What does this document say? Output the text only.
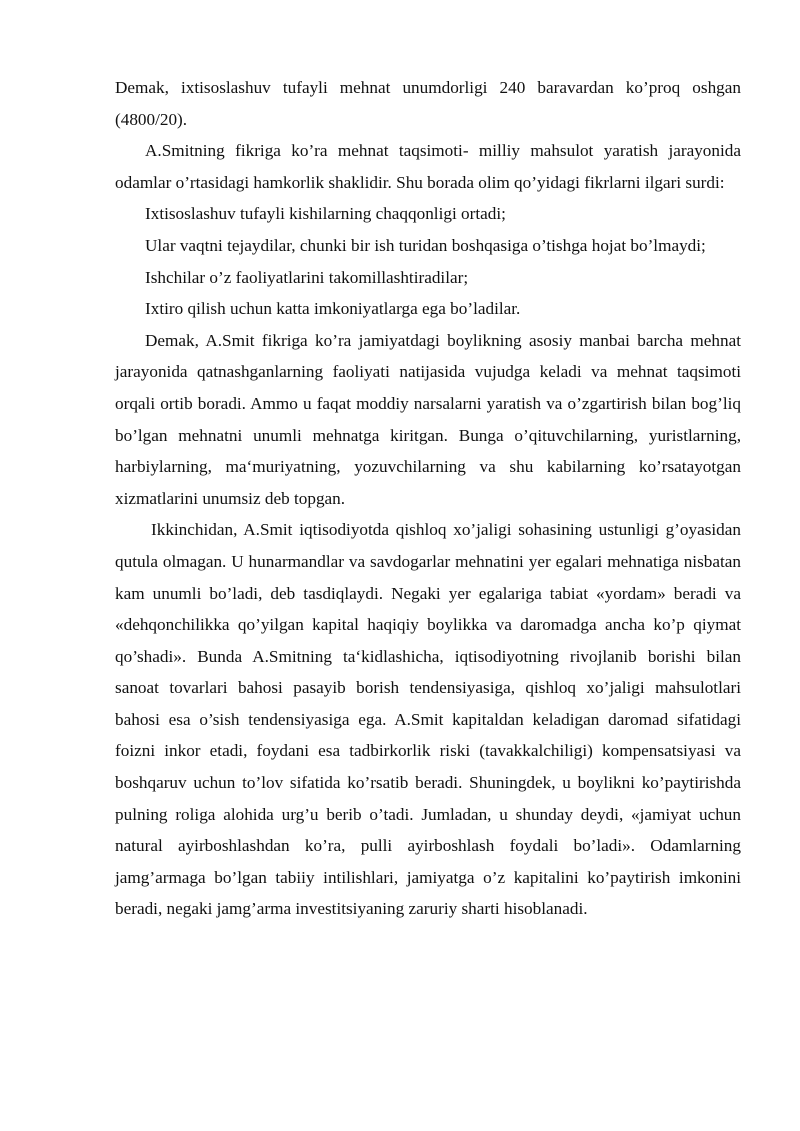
Demak, ixtisoslashuv tufayli mehnat unumdorligi 240 baravardan ko’proq oshgan (4800/20).

A.Smitning fikriga ko’ra mehnat taqsimoti- milliy mahsulot yaratish jarayonida odamlar o’rtasidagi hamkorlik shaklidir. Shu borada olim qo’yidagi fikrlarni ilgari surdi:

Ixtisoslashuv tufayli kishilarning chaqqonligi ortadi;

Ular vaqtni tejaydilar, chunki bir ish turidan boshqasiga o’tishga hojat bo’lmaydi;

Ishchilar o’z faoliyatlarini takomillashtiradilar;

Ixtiro qilish uchun katta imkoniyatlarga ega bo’ladilar.

Demak, A.Smit fikriga ko’ra jamiyatdagi boylikning asosiy manbai barcha mehnat jarayonida qatnashganlarning faoliyati natijasida vujudga keladi va mehnat taqsimoti orqali ortib boradi. Ammo u faqat moddiy narsalarni yaratish va o’zgartirish bilan bog’liq bo’lgan mehnatni unumli mehnatga kiritgan. Bunga o’qituvchilarning, yuristlarning, harbiylarning, ma‘muriyatning, yozuvchilarning va shu kabilarning ko’rsatayotgan xizmatlarini unumsiz deb topgan.

Ikkinchidan, A.Smit iqtisodiyotda qishloq xo’jaligi sohasining ustunligi g’oyasidan qutula olmagan. U hunarmandlar va savdogarlar mehnatini yer egalari mehnatiga nisbatan kam unumli bo’ladi, deb tasdiqlaydi. Negaki yer egalariga tabiat «yordam» beradi va «dehqonchilikka qo’yilgan kapital haqiqiy boylikka va daromadga ancha ko’p qiymat qo’shadi». Bunda A.Smitning ta‘kidlashicha, iqtisodiyotning rivojlanib borishi bilan sanoat tovarlari bahosi pasayib borish tendensiyasiga, qishloq xo’jaligi mahsulotlari bahosi esa o’sish tendensiyasiga ega. A.Smit kapitaldan keladigan daromad sifatidagi foizni inkor etadi, foydani esa tadbirkorlik riski (tavakkalchiligi) kompensatsiyasi va boshqaruv uchun to’lov sifatida ko’rsatib beradi. Shuningdek, u boylikni ko’paytirishda pulning roliga alohida urg’u berib o’tadi. Jumladan, u shunday deydi, «jamiyat uchun natural ayirboshlashdan ko’ra, pulli ayirboshlash foydali bo’ladi». Odamlarning jamg’armaga bo’lgan tabiiy intilishlari, jamiyatga o’z kapitalini ko’paytirish imkonini beradi, negaki jamg’arma investitsiyaning zaruriy sharti hisoblanadi.
